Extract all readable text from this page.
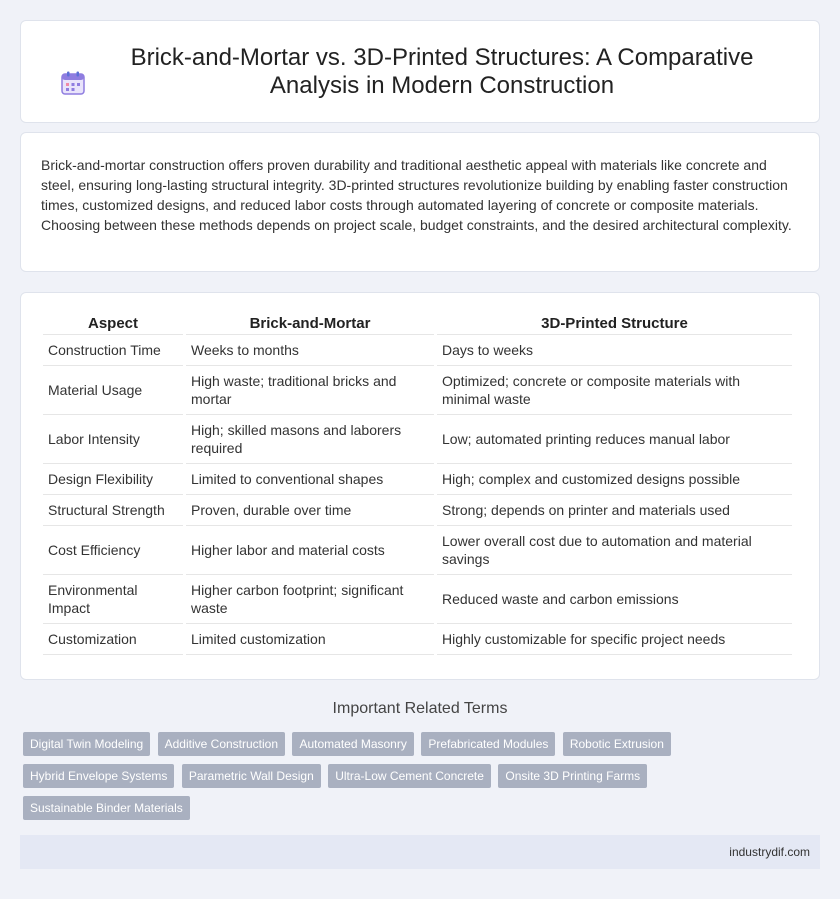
Brick-and-Mortar vs. 3D-Printed Structures: A Comparative Analysis in Modern Construction

Brick-and-mortar construction offers proven durability and traditional aesthetic appeal with materials like concrete and steel, ensuring long-lasting structural integrity. 3D-printed structures revolutionize building by enabling faster construction times, customized designs, and reduced labor costs through automated layering of concrete or composite materials. Choosing between these methods depends on project scale, budget constraints, and the desired architectural complexity.

Aspect	Brick-and-Mortar	3D-Printed Structure
Construction Time	Weeks to months	Days to weeks
Material Usage	High waste; traditional bricks and mortar	Optimized; concrete or composite materials with minimal waste
Labor Intensity	High; skilled masons and laborers required	Low; automated printing reduces manual labor
Design Flexibility	Limited to conventional shapes	High; complex and customized designs possible
Structural Strength	Proven, durable over time	Strong; depends on printer and materials used
Cost Efficiency	Higher labor and material costs	Lower overall cost due to automation and material savings
Environmental Impact	Higher carbon footprint; significant waste	Reduced waste and carbon emissions
Customization	Limited customization	Highly customizable for specific project needs
Important Related Terms
Digital Twin Modeling Additive Construction Automated Masonry Prefabricated Modules Robotic Extrusion
Hybrid Envelope Systems Parametric Wall Design Ultra-Low Cement Concrete Onsite 3D Printing Farms
Sustainable Binder Materials
industrydif.com
